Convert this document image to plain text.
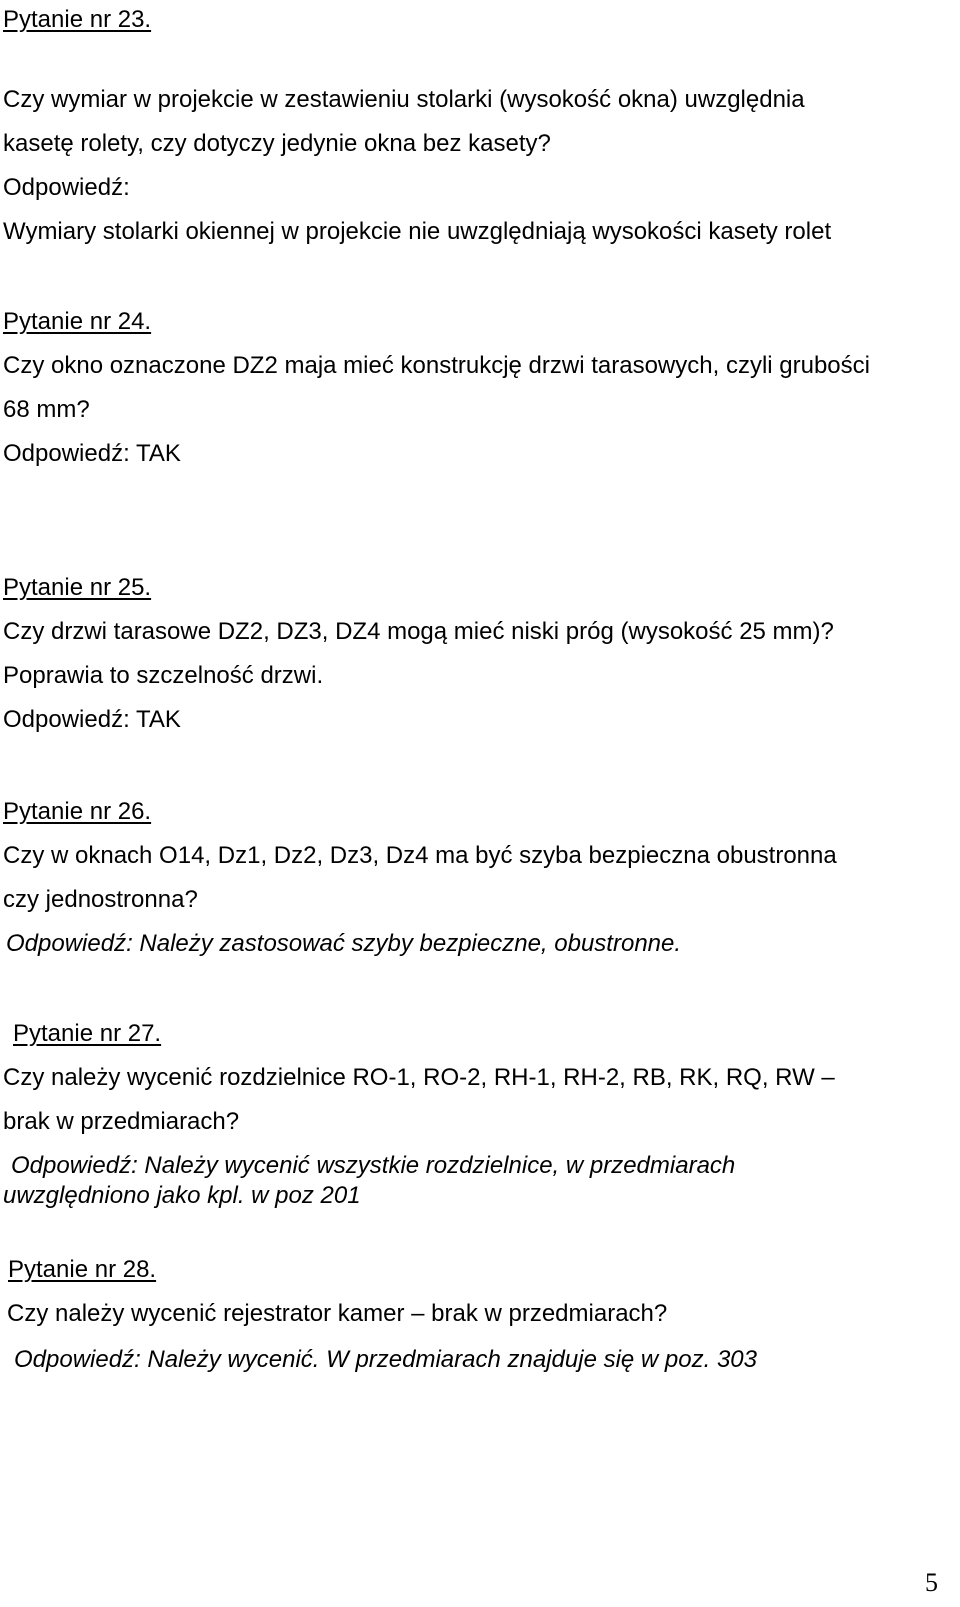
Pytanie nr 23.
Czy wymiar w projekcie w zestawieniu stolarki (wysokość okna) uwzględnia
kasetę rolety, czy dotyczy jedynie okna bez kasety?
Odpowiedź:
Wymiary stolarki okiennej w projekcie nie uwzględniają wysokości kasety rolet
Pytanie nr 24.
Czy okno oznaczone DZ2 maja mieć konstrukcję drzwi tarasowych, czyli grubości
68 mm?
Odpowiedź: TAK
Pytanie nr 25.
Czy drzwi tarasowe DZ2, DZ3, DZ4 mogą mieć niski próg (wysokość 25 mm)?
Poprawia to szczelność drzwi.
Odpowiedź: TAK
Pytanie nr 26.
Czy w oknach O14, Dz1, Dz2, Dz3, Dz4 ma być szyba bezpieczna obustronna
czy jednostronna?
Odpowiedź: Należy zastosować szyby bezpieczne, obustronne.
Pytanie nr 27.
Czy należy wycenić rozdzielnice RO-1, RO-2, RH-1, RH-2, RB, RK, RQ, RW –
brak w przedmiarach?
Odpowiedź: Należy wycenić wszystkie rozdzielnice, w przedmiarach
uwzględniono jako kpl. w poz 201
Pytanie nr 28.
Czy należy wycenić rejestrator kamer – brak w przedmiarach?
Odpowiedź: Należy wycenić. W przedmiarach znajduje się w poz. 303
5
